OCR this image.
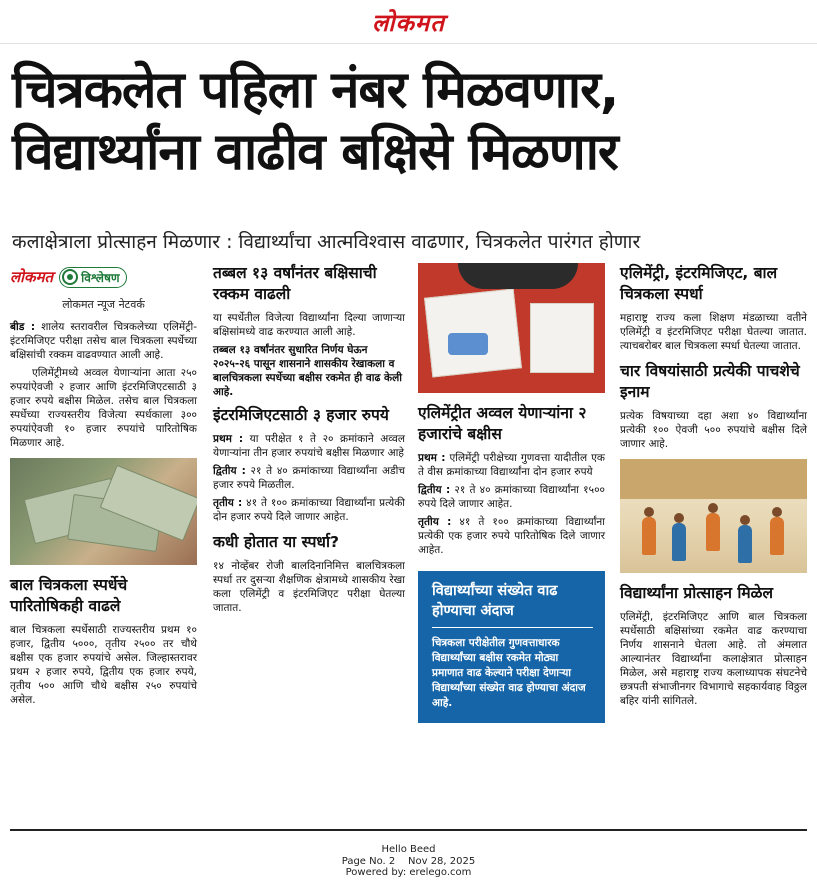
लोकमत
चित्रकलेत पहिला नंबर मिळवणार,
विद्यार्थ्यांना वाढीव बक्षिसे मिळणार
कलाक्षेत्राला प्रोत्साहन मिळणार : विद्यार्थ्यांचा आत्मविश्वास वाढणार, चित्रकलेत पारंगत होणार
लोकमत विश्लेषण
लोकमत न्यूज नेटवर्क

बीड : शालेय स्तरावरील चित्रकलेच्या एलिमेंट्री-इंटरमिजिएट परीक्षा तसेच बाल चित्रकला स्पर्धेच्या बक्षिसांची रक्कम वाढवण्यात आली आहे.

एलिमेंट्रीमध्ये अव्वल येणाऱ्यांना आता २५० रुपयांऐवजी २ हजार आणि इंटरमिजिएटसाठी ३ हजार रुपये बक्षीस मिळेल. तसेच बाल चित्रकला स्पर्धेच्या राज्यस्तरीय विजेत्या स्पर्धकाला ३०० रुपयांऐवजी १० हजार रुपयांचे पारितोषिक मिळणार आहे.

बाल चित्रकला स्पर्धेचे पारितोषिकही वाढले

बाल चित्रकला स्पर्धेसाठी राज्यस्तरीय प्रथम १० हजार, द्वितीय ५०००, तृतीय २५०० तर चौथे बक्षीस एक हजार रुपयांचे असेल. जिल्हास्तरावर प्रथम २ हजार रुपये, द्वितीय एक हजार रुपये, तृतीय ५०० आणि चौथे बक्षीस २५० रुपयांचे असेल.

तब्बल १३ वर्षांनंतर बक्षिसाची रक्कम वाढली

या स्पर्धेतील विजेत्या विद्यार्थ्यांना दिल्या जाणाऱ्या बक्षिसांमध्ये वाढ करण्यात आली आहे.

तब्बल १३ वर्षांनंतर सुधारित निर्णय घेऊन २०२५-२६ पासून शासनाने शासकीय रेखाकला व बालचित्रकला स्पर्धेच्या बक्षीस रकमेत ही वाढ केली आहे.
इंटरमिजिएटसाठी ३ हजार रुपये

प्रथम : या परीक्षेत १ ते २० क्रमांकाने अव्वल येणाऱ्यांना तीन हजार रुपयांचे बक्षीस मिळणार आहे

द्वितीय : २१ ते ४० क्रमांकाच्या विद्यार्थ्यांना अडीच हजार रुपये मिळतील.

तृतीय : ४१ ते १०० क्रमांकाच्या विद्यार्थ्यांना प्रत्येकी दोन हजार रुपये दिले जाणार आहेत.

कधी होतात या स्पर्धा?

१४ नोव्हेंबर रोजी बालदिनानिमित्त बालचित्रकला स्पर्धा तर दुसऱ्या शैक्षणिक क्षेत्रामध्ये शासकीय रेखा कला एलिमेंट्री व इंटरमिजिएट परीक्षा घेतल्या जातात.

एलिमेंट्रीत अव्वल येणाऱ्यांना २ हजारांचे बक्षीस

प्रथम : एलिमेंट्री परीक्षेच्या गुणवत्ता यादीतील एक ते वीस क्रमांकाच्या विद्यार्थ्यांना दोन हजार रुपये

द्वितीय : २१ ते ४० क्रमांकाच्या विद्यार्थ्यांना १५०० रुपये दिले जाणार आहेत.

तृतीय : ४१ ते १०० क्रमांकाच्या विद्यार्थ्यांना प्रत्येकी एक हजार रुपये पारितोषिक दिले जाणार आहेत.

विद्यार्थ्यांच्या संख्येत वाढ होण्याचा अंदाज
चित्रकला परीक्षेतील गुणवत्ताधारक विद्यार्थ्यांच्या बक्षीस रकमेत मोठ्या प्रमाणात वाढ केल्याने परीक्षा देणाऱ्या विद्यार्थ्यांच्या संख्येत वाढ होण्याचा अंदाज आहे.
एलिमेंट्री, इंटरमिजिएट, बाल चित्रकला स्पर्धा

महाराष्ट्र राज्य कला शिक्षण मंडळाच्या वतीने एलिमेंट्री व इंटरमिजिएट परीक्षा घेतल्या जातात. त्याचबरोबर बाल चित्रकला स्पर्धा घेतल्या जातात.

चार विषयांसाठी प्रत्येकी पाचशेचे इनाम

प्रत्येक विषयाच्या दहा अशा ४० विद्यार्थ्यांना प्रत्येकी १०० ऐवजी ५०० रुपयांचे बक्षीस दिले जाणार आहे.

विद्यार्थ्यांना प्रोत्साहन मिळेल

एलिमेंट्री, इंटरमिजिएट आणि बाल चित्रकला स्पर्धेसाठी बक्षिसांच्या रकमेत वाढ करण्याचा निर्णय शासनाने घेतला आहे. तो अंमलात आल्यानंतर विद्यार्थ्यांना कलाक्षेत्रात प्रोत्साहन मिळेल, असे महाराष्ट्र राज्य कलाध्यापक संघटनेचे छत्रपती संभाजीनगर विभागाचे सहकार्यवाह विठ्ठल बहिर यांनी सांगितले.

Hello Beed
Page No. 2 Nov 28, 2025
Powered by: erelego.com
